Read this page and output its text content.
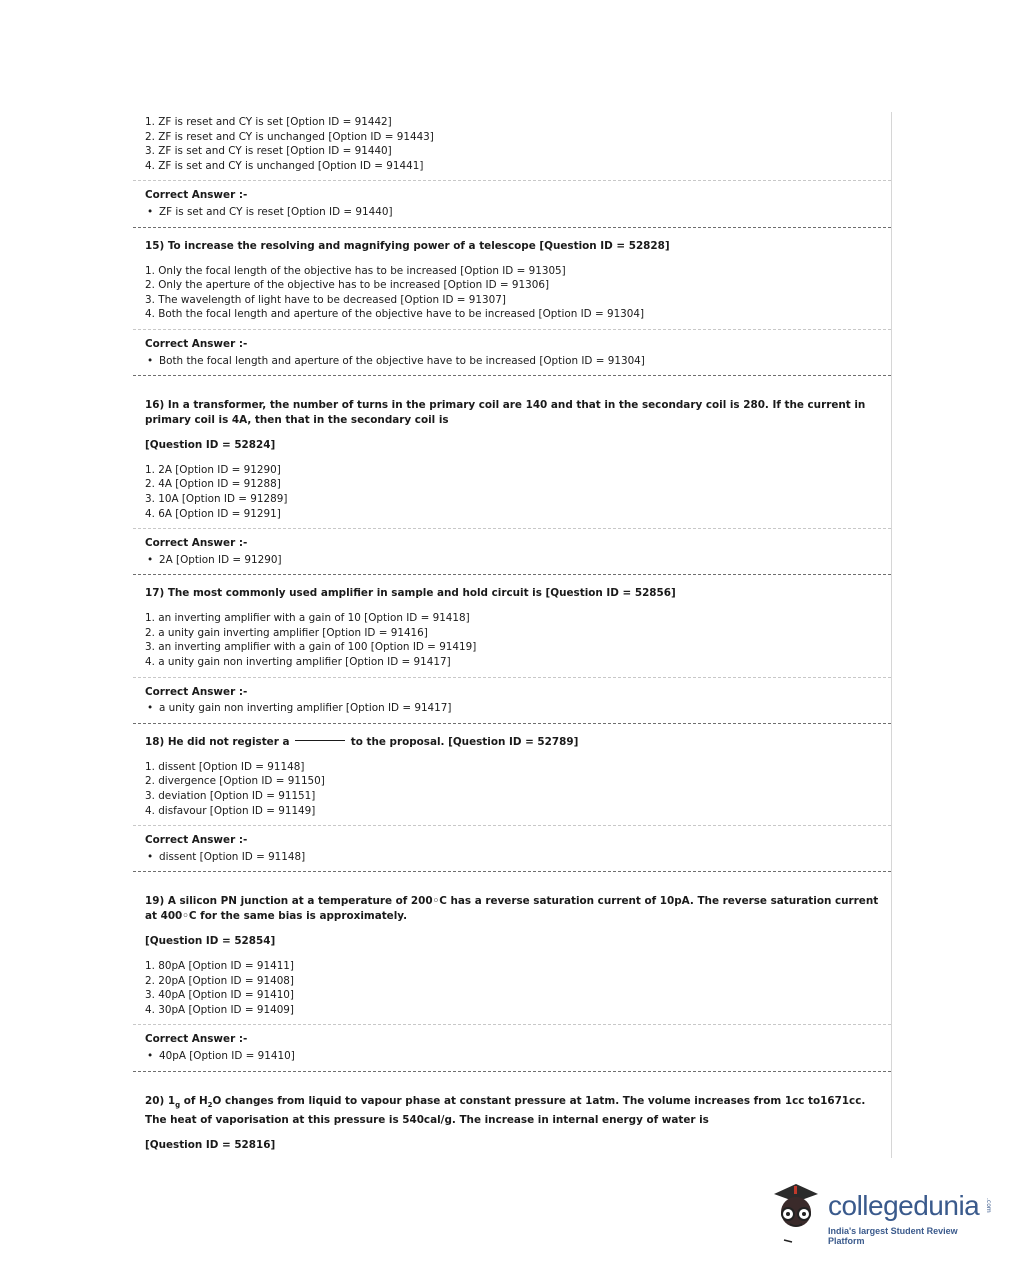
1. ZF is reset and CY is set [Option ID = 91442]
2. ZF is reset and CY is unchanged [Option ID = 91443]
3. ZF is set and CY is reset [Option ID = 91440]
4. ZF is set and CY is unchanged [Option ID = 91441]
Correct Answer :-
• ZF is set and CY is reset [Option ID = 91440]
15) To increase the resolving and magnifying power of a telescope [Question ID = 52828]
1. Only the focal length of the objective has to be increased [Option ID = 91305]
2. Only the aperture of the objective has to be increased [Option ID = 91306]
3. The wavelength of light have to be decreased [Option ID = 91307]
4. Both the focal length and aperture of the objective have to be increased [Option ID = 91304]
Correct Answer :-
• Both the focal length and aperture of the objective have to be increased [Option ID = 91304]
16) In a transformer, the number of turns in the primary coil are 140 and that in the secondary coil is 280. If the current in primary coil is 4A, then that in the secondary coil is
[Question ID = 52824]
1. 2A [Option ID = 91290]
2. 4A [Option ID = 91288]
3. 10A [Option ID = 91289]
4. 6A [Option ID = 91291]
Correct Answer :-
• 2A [Option ID = 91290]
17) The most commonly used amplifier in sample and hold circuit is [Question ID = 52856]
1. an inverting amplifier with a gain of 10 [Option ID = 91418]
2. a unity gain inverting amplifier [Option ID = 91416]
3. an inverting amplifier with a gain of 100 [Option ID = 91419]
4. a unity gain non inverting amplifier [Option ID = 91417]
Correct Answer :-
• a unity gain non inverting amplifier [Option ID = 91417]
18) He did not register a	to the proposal. [Question ID = 52789]
1. dissent [Option ID = 91148]
2. divergence [Option ID = 91150]
3. deviation [Option ID = 91151]
4. disfavour [Option ID = 91149]
Correct Answer :-
• dissent [Option ID = 91148]
19) A silicon PN junction at a temperature of 200◦C has a reverse saturation current of 10pA. The reverse saturation current at 400◦C for the same bias is approximately.
[Question ID = 52854]
1. 80pA [Option ID = 91411]
2. 20pA [Option ID = 91408]
3. 40pA [Option ID = 91410]
4. 30pA [Option ID = 91409]
Correct Answer :-
• 40pA [Option ID = 91410]
20) $1_g$ of $H_2O$ changes from liquid to vapour phase at constant pressure at 1atm. The volume increases from 1cc to1671cc. The heat of vaporisation at this pressure is 540cal/g. The increase in internal energy of water is
[Question ID = 52816]
collegedunia .com
India's largest Student Review Platform
